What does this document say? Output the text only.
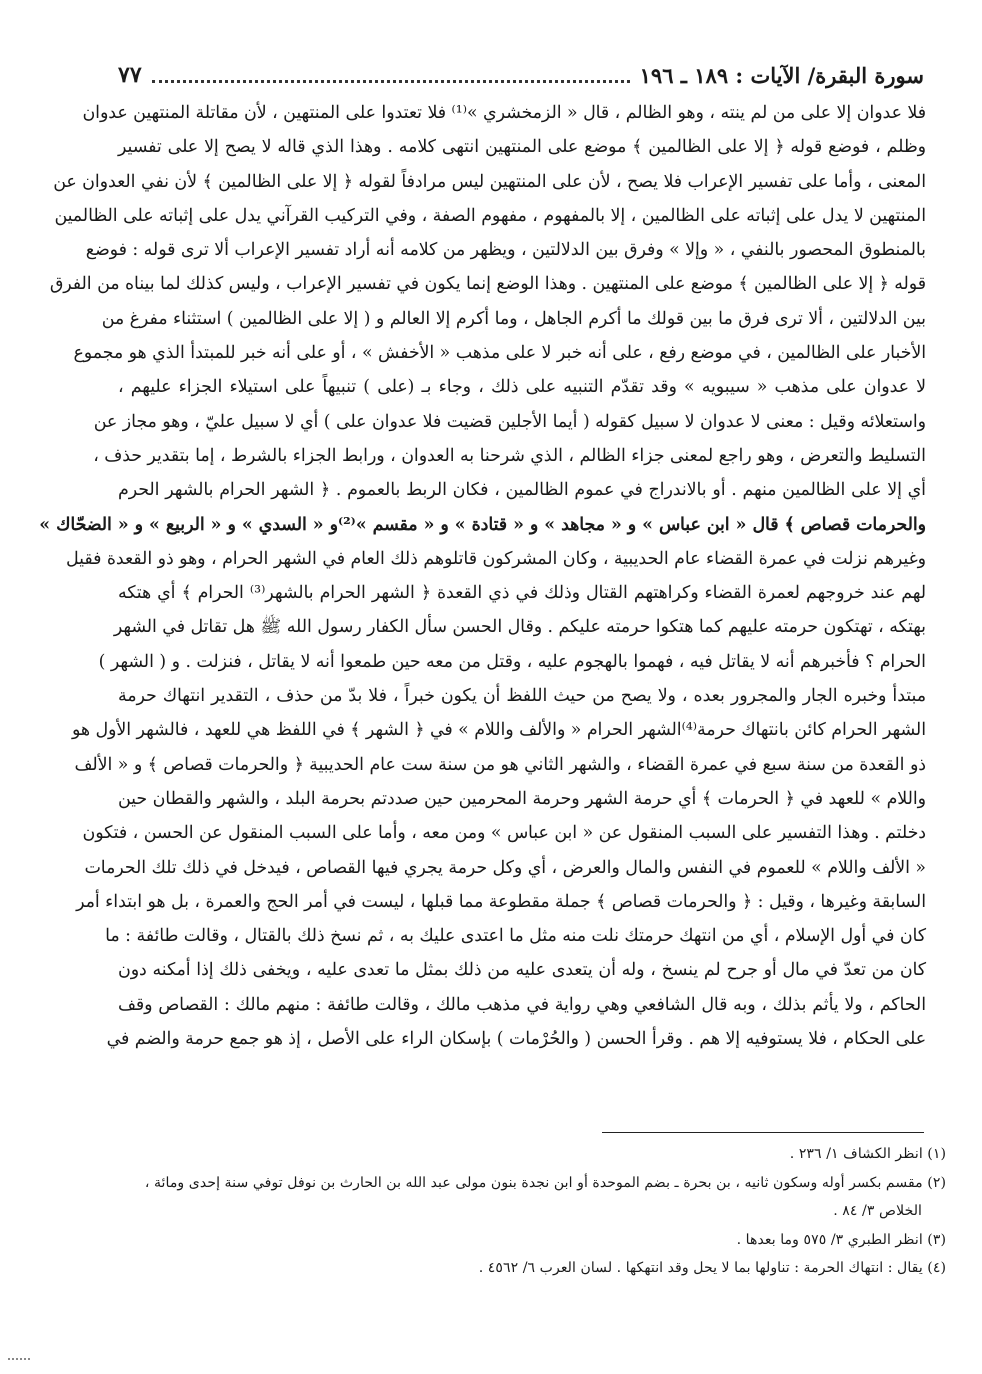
سورة البقرة/ الآيات : ١٨٩ ـ ١٩٦
٧٧
فلا عدوان إلا على من لم ينته ، وهو الظالم ، قال « الزمخشري »⁽¹⁾ فلا تعتدوا على المنتهين ، لأن مقاتلة المنتهين عدوان
وظلم ، فوضع قوله ﴿ إلا على الظالمين ﴾ موضع على المنتهين انتهى كلامه . وهذا الذي قاله لا يصح إلا على تفسير
المعنى ، وأما على تفسير الإعراب فلا يصح ، لأن على المنتهين ليس مرادفاً لقوله ﴿ إلا على الظالمين ﴾ لأن نفي العدوان عن
المنتهين لا يدل على إثباته على الظالمين ، إلا بالمفهوم ، مفهوم الصفة ، وفي التركيب القرآني يدل على إثباته على الظالمين
بالمنطوق المحصور بالنفي ، « وإلا » وفرق بين الدلالتين ، ويظهر من كلامه أنه أراد تفسير الإعراب ألا ترى قوله : فوضع
قوله ﴿ إلا على الظالمين ﴾ موضع على المنتهين . وهذا الوضع إنما يكون في تفسير الإعراب ، وليس كذلك لما بيناه من الفرق
بين الدلالتين ، ألا ترى فرق ما بين قولك ما أكرم الجاهل ، وما أكرم إلا العالم و ( إلا على الظالمين ) استثناء مفرغ من
الأخبار على الظالمين ، في موضع رفع ، على أنه خبر لا على مذهب « الأخفش » ، أو على أنه خبر للمبتدأ الذي هو مجموع
لا عدوان على مذهب « سيبويه » وقد تقدّم التنبيه على ذلك ، وجاء بـ (على ) تنبيهاً على استيلاء الجزاء عليهم ،
واستعلائه وقيل : معنى لا عدوان لا سبيل كقوله ( أيما الأجلين قضيت فلا عدوان على ) أي لا سبيل عليّ ، وهو مجاز عن
التسليط والتعرض ، وهو راجع لمعنى جزاء الظالم ، الذي شرحنا به العدوان ، ورابط الجزاء بالشرط ، إما بتقدير حذف ،
أي إلا على الظالمين منهم . أو بالاندراج في عموم الظالمين ، فكان الربط بالعموم . ﴿ الشهر الحرام بالشهر الحرم
والحرمات قصاص ﴾ قال « ابن عباس » و « مجاهد » و « قتادة » و « مقسم »⁽²⁾و « السدي » و « الربيع » و « الضحّاك »
وغيرهم نزلت في عمرة القضاء عام الحديبية ، وكان المشركون قاتلوهم ذلك العام في الشهر الحرام ، وهو ذو القعدة فقيل
لهم عند خروجهم لعمرة القضاء وكراهتهم القتال وذلك في ذي القعدة ﴿ الشهر الحرام بالشهر⁽³⁾ الحرام ﴾ أي هتكه
بهتكه ، تهتكون حرمته عليهم كما هتكوا حرمته عليكم . وقال الحسن سأل الكفار رسول الله ﷺ هل تقاتل في الشهر
الحرام ؟ فأخبرهم أنه لا يقاتل فيه ، فهموا بالهجوم عليه ، وقتل من معه حين طمعوا أنه لا يقاتل ، فنزلت . و ( الشهر )
مبتدأ وخبره الجار والمجرور بعده ، ولا يصح من حيث اللفظ أن يكون خبراً ، فلا بدّ من حذف ، التقدير انتهاك حرمة
الشهر الحرام كائن بانتهاك حرمة⁽⁴⁾الشهر الحرام « والألف واللام » في ﴿ الشهر ﴾ في اللفظ هي للعهد ، فالشهر الأول هو
ذو القعدة من سنة سبع في عمرة القضاء ، والشهر الثاني هو من سنة ست عام الحديبية ﴿ والحرمات قصاص ﴾ و « الألف
واللام » للعهد في ﴿ الحرمات ﴾ أي حرمة الشهر وحرمة المحرمين حين صددتم بحرمة البلد ، والشهر والقطان حين
دخلتم . وهذا التفسير على السبب المنقول عن « ابن عباس » ومن معه ، وأما على السبب المنقول عن الحسن ، فتكون
« الألف واللام » للعموم في النفس والمال والعرض ، أي وكل حرمة يجري فيها القصاص ، فيدخل في ذلك تلك الحرمات
السابقة وغيرها ، وقيل : ﴿ والحرمات قصاص ﴾ جملة مقطوعة مما قبلها ، ليست في أمر الحج والعمرة ، بل هو ابتداء أمر
كان في أول الإسلام ، أي من انتهك حرمتك نلت منه مثل ما اعتدى عليك به ، ثم نسخ ذلك بالقتال ، وقالت طائفة : ما
كان من تعدّ في مال أو جرح لم ينسخ ، وله أن يتعدى عليه من ذلك بمثل ما تعدى عليه ، ويخفى ذلك إذا أمكنه دون
الحاكم ، ولا يأثم بذلك ، وبه قال الشافعي وهي رواية في مذهب مالك ، وقالت طائفة : منهم مالك : القصاص وقف
على الحكام ، فلا يستوفيه إلا هم . وقرأ الحسن ( والحُرْمات ) بإسكان الراء على الأصل ، إذ هو جمع حرمة والضم في
(١) انظر الكشاف ١/ ٢٣٦ .
(٢) مقسم بكسر أوله وسكون ثانيه ، بن بحرة ـ بضم الموحدة أو ابن نجدة بنون مولى عبد الله بن الحارث بن نوفل توفي سنة إحدى ومائة ،
الخلاص ٣/ ٨٤ .
(٣) انظر الطبري ٣/ ٥٧٥ وما بعدها .
(٤) يقال : انتهاك الحرمة : تناولها بما لا يحل وقد انتهكها . لسان العرب ٦/ ٤٥٦٢ .
